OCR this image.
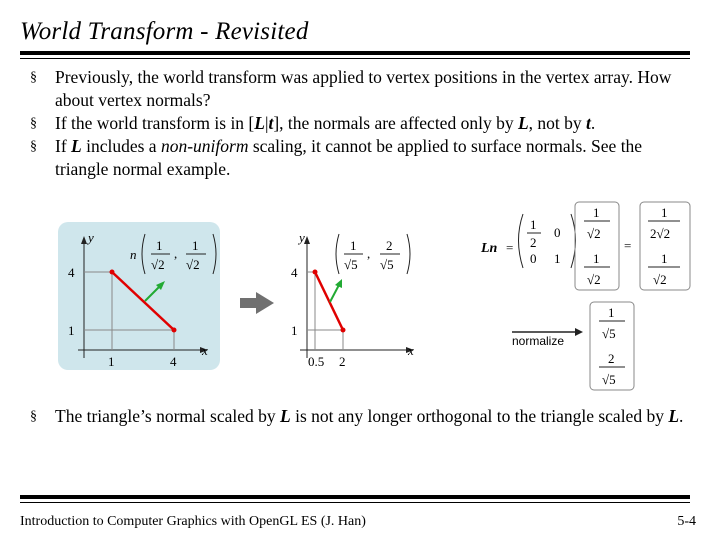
World Transform - Revisited
§ Previously, the world transform was applied to vertex positions in the vertex array. How about vertex normals?
§ If the world transform is in [L|t], the normals are affected only by L, not by t.
§ If L includes a non-uniform scaling, it cannot be applied to surface normals. See the triangle normal example.
y
x
4
1
1	4
n
1
√2
,
1
√2
y
x
4
1
0.5 2
1
√5
,
2
√5
Ln =
1
2
0
0 1
1
√2
1
√2
=
1
2√2
1
√2
normalize
1
√5
2
√5
§ The triangle’s normal scaled by L is not any longer orthogonal to the triangle scaled by L.
Introduction to Computer Graphics with OpenGL ES (J. Han)	5-4
